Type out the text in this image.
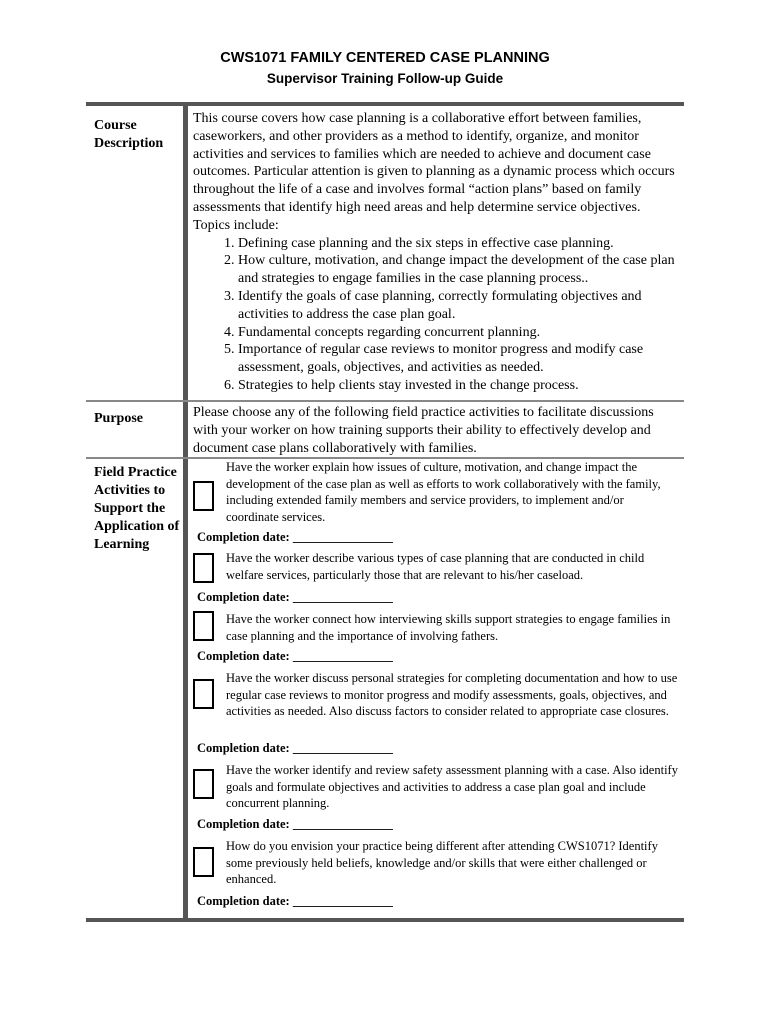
CWS1071 FAMILY CENTERED CASE PLANNING
Supervisor Training Follow-up Guide
Course Description
This course covers how case planning is a collaborative effort between families, caseworkers, and other providers as a method to identify, organize, and monitor activities and services to families which are needed to achieve and document case outcomes. Particular attention is given to planning as a dynamic process which occurs throughout the life of a case and involves formal “action plans” based on family assessments that identify high need areas and help determine service objectives. Topics include:
1. Defining case planning and the six steps in effective case planning.
2. How culture, motivation, and change impact the development of the case plan and strategies to engage families in the case planning process..
3. Identify the goals of case planning, correctly formulating objectives and activities to address the case plan goal.
4. Fundamental concepts regarding concurrent planning.
5. Importance of regular case reviews to monitor progress and modify case assessment, goals, objectives, and activities as needed.
6. Strategies to help clients stay invested in the change process.
Purpose	Please choose any of the following field practice activities to facilitate discussions with your worker on how training supports their ability to effectively develop and document case plans collaboratively with families.
Field Practice Activities to Support the Application of Learning
Have the worker explain how issues of culture, motivation, and change impact the development of the case plan as well as efforts to work collaboratively with the family, including extended family members and service providers, to implement and/or coordinate services.
Completion date: ________________
Have the worker describe various types of case planning that are conducted in child welfare services, particularly those that are relevant to his/her caseload.
Completion date: ________________
Have the worker connect how interviewing skills support strategies to engage families in case planning and the importance of involving fathers.
Completion date: ________________
Have the worker discuss personal strategies for completing documentation and how to use regular case reviews to monitor progress and modify assessments, goals, objectives, and activities as needed. Also discuss factors to consider related to appropriate case closures.
Completion date: ________________
Have the worker identify and review safety assessment planning with a case. Also identify goals and formulate objectives and activities to address a case plan goal and include concurrent planning.
Completion date: ________________
How do you envision your practice being different after attending CWS1071? Identify some previously held beliefs, knowledge and/or skills that were either challenged or enhanced.
Completion date: ________________
